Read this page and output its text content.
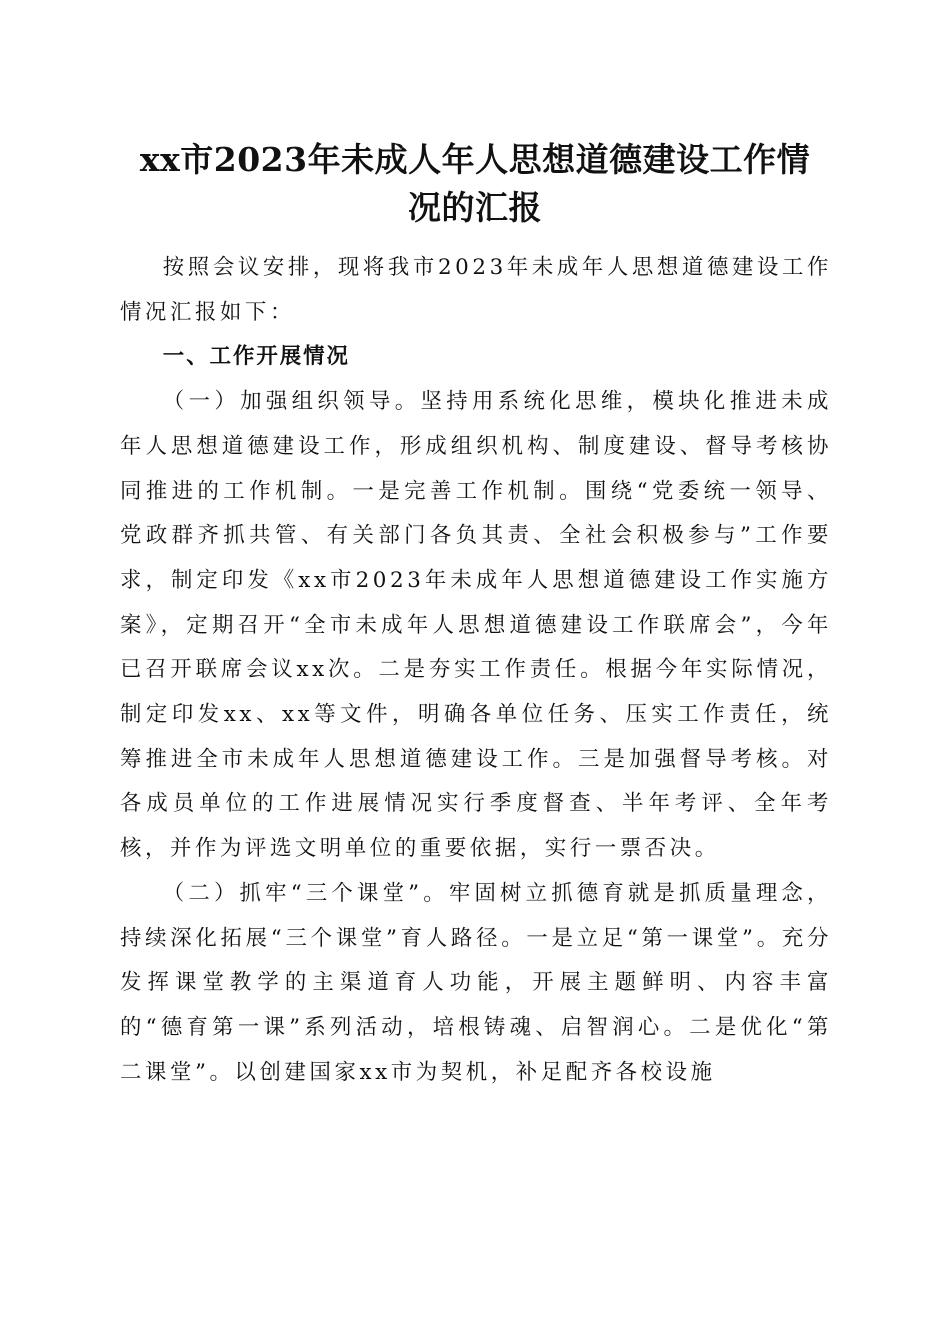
xx市2023年未成人年人思想道德建设工作情
况的汇报

按照会议安排，现将我市2023年未成年人思想道德建设工作情况汇报如下：

一、工作开展情况

（一）加强组织领导。坚持用系统化思维，模块化推进未成年人思想道德建设工作，形成组织机构、制度建设、督导考核协同推进的工作机制。一是完善工作机制。围绕“党委统一领导、党政群齐抓共管、有关部门各负其责、全社会积极参与”工作要求，制定印发《xx市2023年未成年人思想道德建设工作实施方案》，定期召开“全市未成年人思想道德建设工作联席会”，今年已召开联席会议xx次。二是夯实工作责任。根据今年实际情况，制定印发xx、xx等文件，明确各单位任务、压实工作责任，统筹推进全市未成年人思想道德建设工作。三是加强督导考核。对各成员单位的工作进展情况实行季度督查、半年考评、全年考核，并作为评选文明单位的重要依据，实行一票否决。

（二）抓牢“三个课堂”。牢固树立抓德育就是抓质量理念，持续深化拓展“三个课堂”育人路径。一是立足“第一课堂”。充分发挥课堂教学的主渠道育人功能，开展主题鲜明、内容丰富的“德育第一课”系列活动，培根铸魂、启智润心。二是优化“第二课堂”。以创建国家xx市为契机，补足配齐各校设施
